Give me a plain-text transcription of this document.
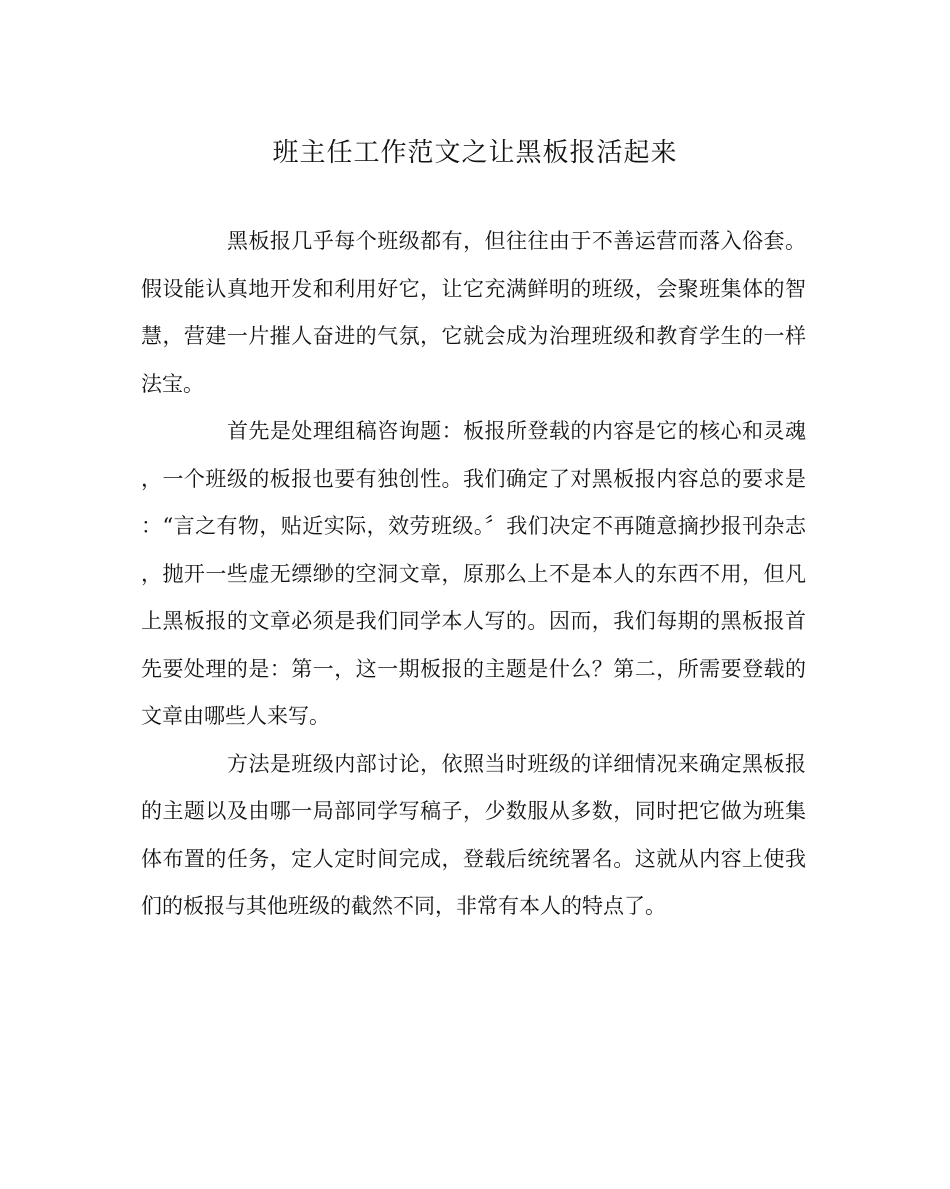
班主任工作范文之让黑板报活起来

黑板报几乎每个班级都有，但往往由于不善运营而落入俗套。假设能认真地开发和利用好它，让它充满鲜明的班级，会聚班集体的智慧，营建一片摧人奋进的气氛，它就会成为治理班级和教育学生的一样法宝。

首先是处理组稿咨询题：板报所登载的内容是它的核心和灵魂，一个班级的板报也要有独创性。我们确定了对黑板报内容总的要求是：“言之有物，贴近实际，效劳班级。〞我们决定不再随意摘抄报刊杂志，抛开一些虚无缥缈的空洞文章，原那么上不是本人的东西不用，但凡上黑板报的文章必须是我们同学本人写的。因而，我们每期的黑板报首先要处理的是：第一，这一期板报的主题是什么？第二，所需要登载的文章由哪些人来写。

方法是班级内部讨论，依照当时班级的详细情况来确定黑板报的主题以及由哪一局部同学写稿子，少数服从多数，同时把它做为班集体布置的任务，定人定时间完成，登载后统统署名。这就从内容上使我们的板报与其他班级的截然不同，非常有本人的特点了。
